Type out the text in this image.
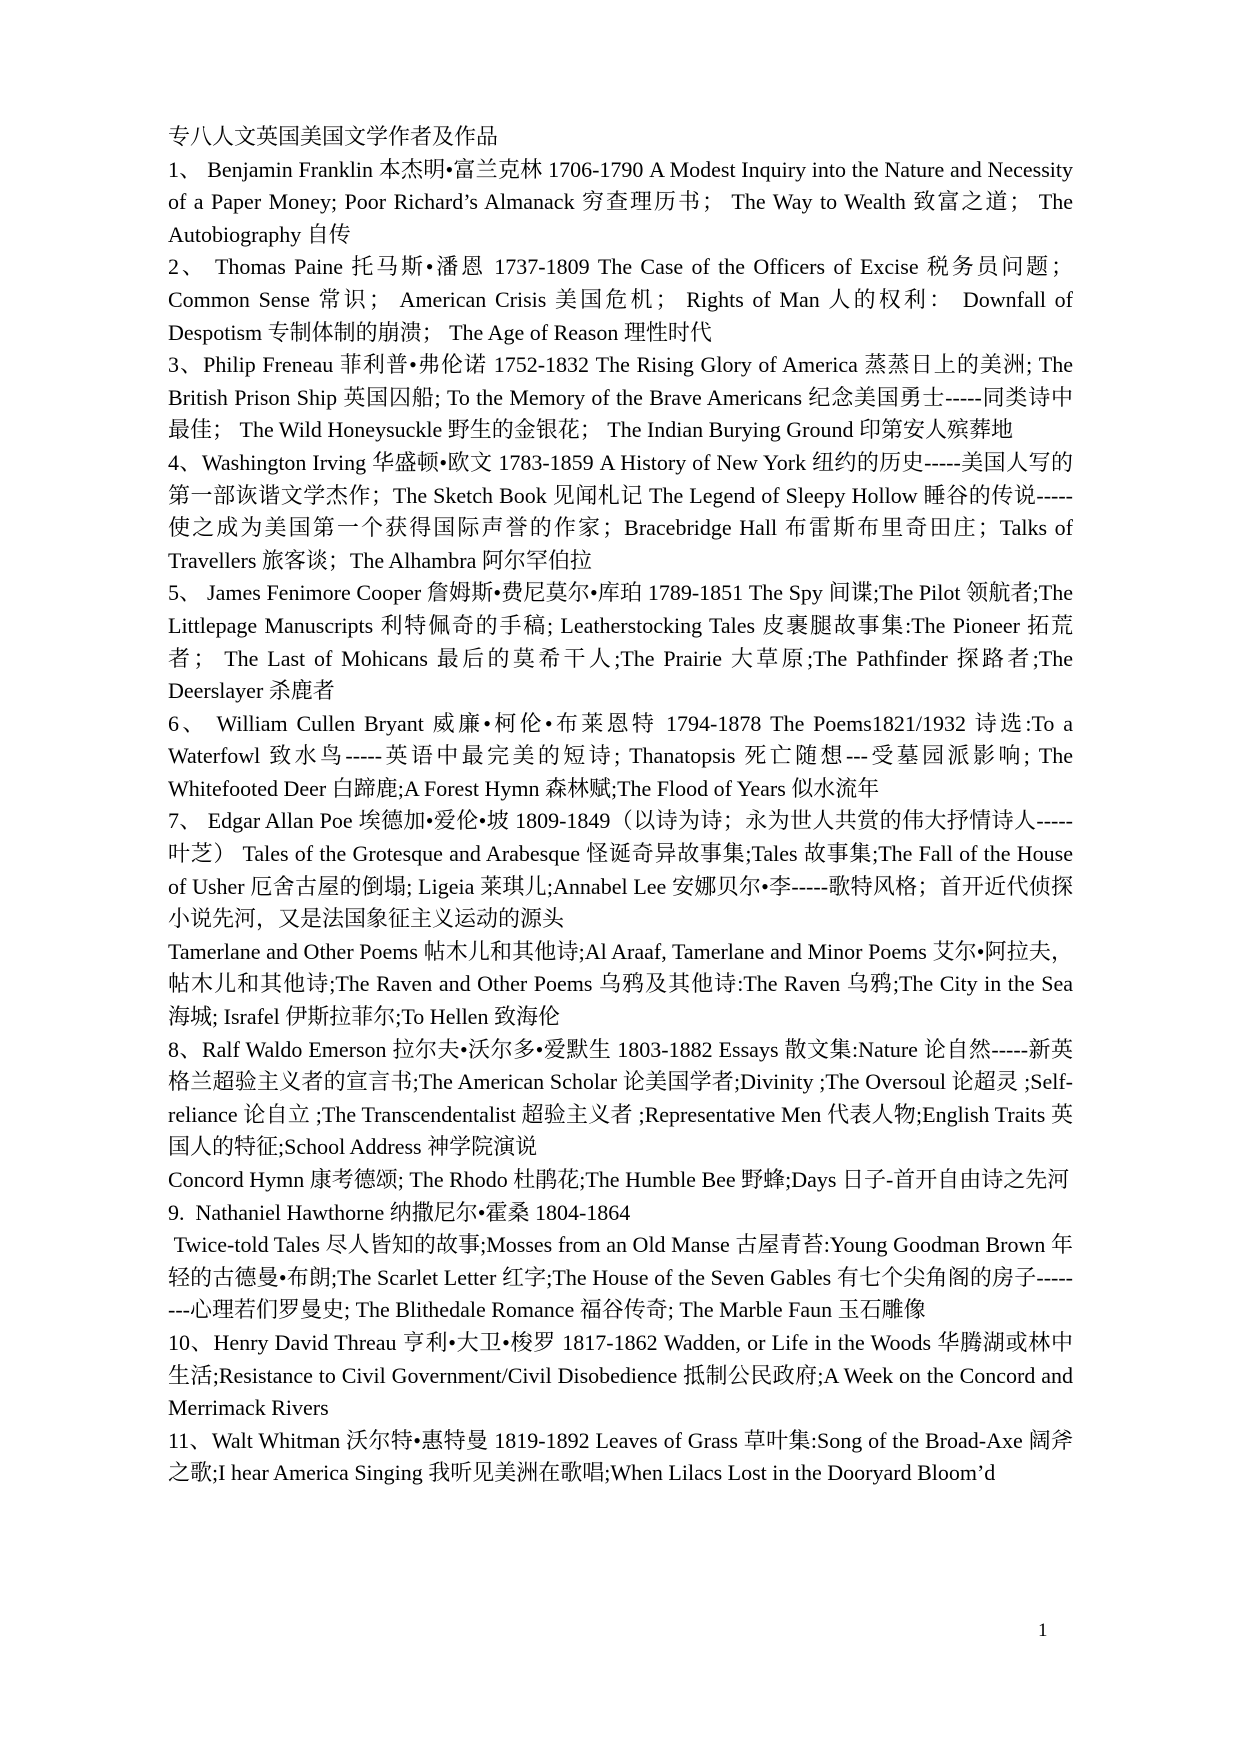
专八人文英国美国文学作者及作品

1、 Benjamin Franklin 本杰明•富兰克林 1706-1790 A Modest Inquiry into the Nature and Necessity of a Paper Money; Poor Richard’s Almanack 穷查理历书； The Way to Wealth 致富之道； The Autobiography 自传

2、 Thomas Paine 托马斯•潘恩 1737-1809 The Case of the Officers of Excise 税务员问题；Common Sense 常识； American Crisis 美国危机； Rights of Man 人的权利： Downfall of Despotism 专制体制的崩溃； The Age of Reason 理性时代

3、Philip Freneau 菲利普•弗伦诺 1752-1832 The Rising Glory of America 蒸蒸日上的美洲; The British Prison Ship 英国囚船; To the Memory of the Brave Americans 纪念美国勇士-----同类诗中最佳； The Wild Honeysuckle 野生的金银花； The Indian Burying Ground 印第安人殡葬地

4、Washington Irving 华盛顿•欧文 1783-1859 A History of New York 纽约的历史-----美国人写的第一部诙谐文学杰作；The Sketch Book 见闻札记 The Legend of Sleepy Hollow 睡谷的传说-----使之成为美国第一个获得国际声誉的作家；Bracebridge Hall 布雷斯布里奇田庄；Talks of Travellers 旅客谈；The Alhambra 阿尔罕伯拉

5、 James Fenimore Cooper 詹姆斯•费尼莫尔•库珀 1789-1851 The Spy 间谍;The Pilot 领航者;The Littlepage Manuscripts 利特佩奇的手稿; Leatherstocking Tales 皮裹腿故事集:The Pioneer 拓荒者； The Last of Mohicans 最后的莫希干人;The Prairie 大草原;The Pathfinder 探路者;The Deerslayer 杀鹿者

6、 William Cullen Bryant 威廉•柯伦•布莱恩特 1794-1878 The Poems1821/1932 诗选:To a Waterfowl 致水鸟-----英语中最完美的短诗; Thanatopsis 死亡随想---受墓园派影响; The Whitefooted Deer 白蹄鹿;A Forest Hymn 森林赋;The Flood of Years 似水流年

7、 Edgar Allan Poe 埃德加•爱伦•坡 1809-1849（以诗为诗；永为世人共赏的伟大抒情诗人-----叶芝） Tales of the Grotesque and Arabesque 怪诞奇异故事集;Tales 故事集;The Fall of the House of Usher 厄舍古屋的倒塌; Ligeia 莱琪儿;Annabel Lee 安娜贝尔•李-----歌特风格；首开近代侦探小说先河，又是法国象征主义运动的源头

Tamerlane and Other Poems 帖木儿和其他诗;Al Araaf, Tamerlane and Minor Poems 艾尔•阿拉夫，帖木儿和其他诗;The Raven and Other Poems 乌鸦及其他诗:The Raven 乌鸦;The City in the Sea 海城; Israfel 伊斯拉菲尔;To Hellen 致海伦

8、Ralf Waldo Emerson 拉尔夫•沃尔多•爱默生 1803-1882 Essays 散文集:Nature 论自然-----新英格兰超验主义者的宣言书;The American Scholar 论美国学者;Divinity ;The Oversoul 论超灵 ;Self-reliance 论自立 ;The Transcendentalist 超验主义者 ;Representative Men 代表人物;English Traits 英国人的特征;School Address 神学院演说

Concord Hymn 康考德颂; The Rhodo 杜鹃花;The Humble Bee 野蜂;Days 日子-首开自由诗之先河

9.  Nathaniel Hawthorne 纳撒尼尔•霍桑 1804-1864

Twice-told Tales 尽人皆知的故事;Mosses from an Old Manse 古屋青苔:Young Goodman Brown 年轻的古德曼•布朗;The Scarlet Letter 红字;The House of the Seven Gables 有七个尖角阁的房子--------心理若们罗曼史; The Blithedale Romance 福谷传奇; The Marble Faun 玉石雕像

10、Henry David Threau 亨利•大卫•梭罗 1817-1862 Wadden, or Life in the Woods 华腾湖或林中生活;Resistance to Civil Government/Civil Disobedience 抵制公民政府;A Week on the Concord and Merrimack Rivers

11、Walt Whitman 沃尔特•惠特曼 1819-1892 Leaves of Grass 草叶集:Song of the Broad-Axe 阔斧之歌;I hear America Singing 我听见美洲在歌唱;When Lilacs Lost in the Dooryard Bloom’d

1
